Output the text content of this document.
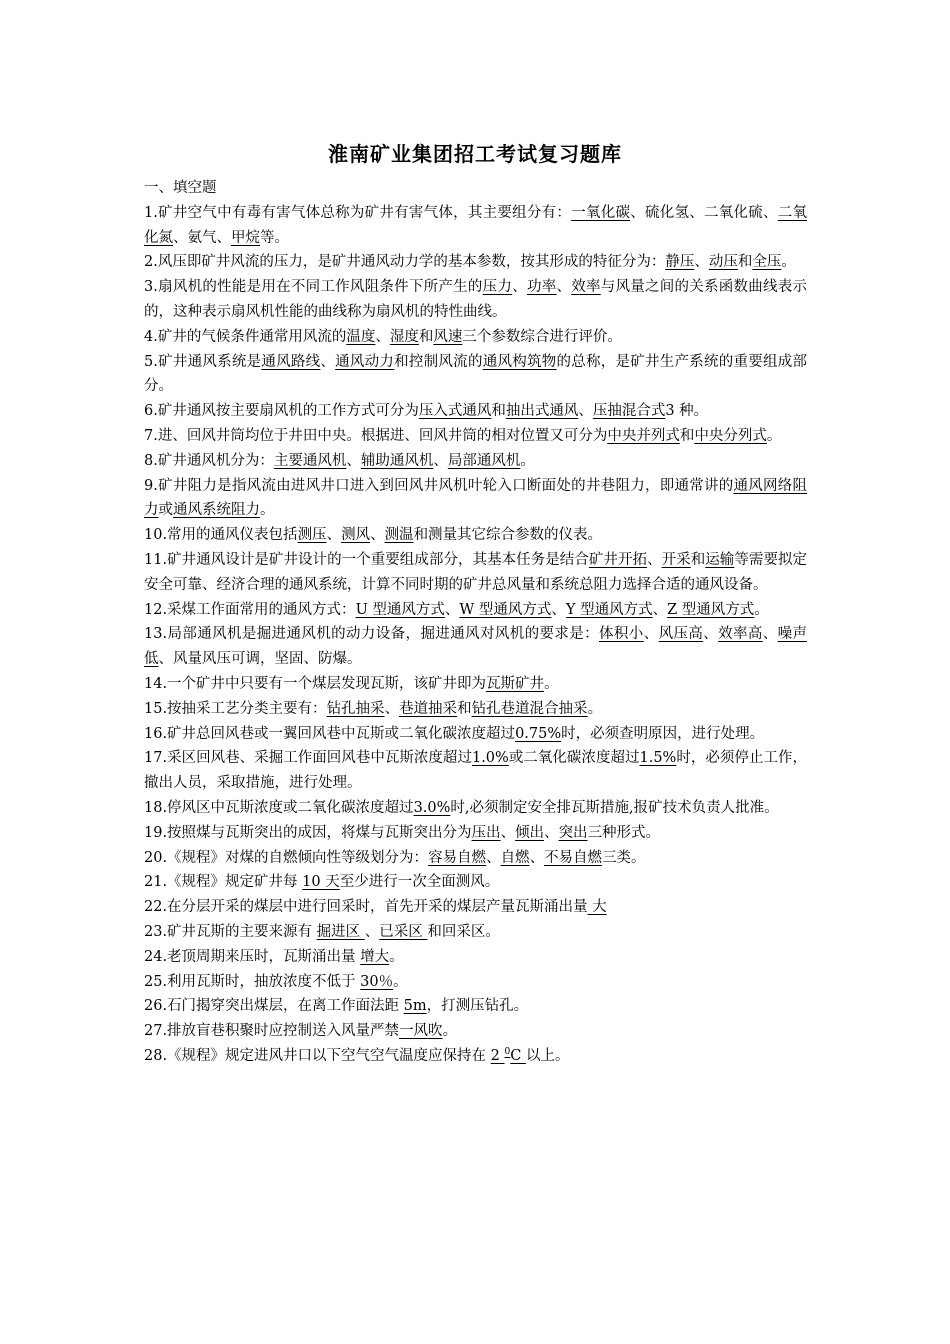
淮南矿业集团招工考试复习题库

一、填空题

1.矿井空气中有毒有害气体总称为矿井有害气体，其主要组分有：一氧化碳、硫化氢、二氧化硫、二氧化氮、氨气、甲烷等。

2.风压即矿井风流的压力，是矿井通风动力学的基本参数，按其形成的特征分为：静压、动压和全压。

3.扇风机的性能是用在不同工作风阻条件下所产生的压力、功率、效率与风量之间的关系函数曲线表示的，这种表示扇风机性能的曲线称为扇风机的特性曲线。

4.矿井的气候条件通常用风流的温度、湿度和风速三个参数综合进行评价。

5.矿井通风系统是通风路线、通风动力和控制风流的通风构筑物的总称，是矿井生产系统的重要组成部分。

6.矿井通风按主要扇风机的工作方式可分为压入式通风和抽出式通风、压抽混合式3 种。

7.进、回风井筒均位于井田中央。根据进、回风井筒的相对位置又可分为中央并列式和中央分列式。

8.矿井通风机分为：主要通风机、辅助通风机、局部通风机。

9.矿井阻力是指风流由进风井口进入到回风井风机叶轮入口断面处的井巷阻力，即通常讲的通风网络阻力或通风系统阻力。

10.常用的通风仪表包括测压、测风、测温和测量其它综合参数的仪表。

11.矿井通风设计是矿井设计的一个重要组成部分，其基本任务是结合矿井开拓、开采和运输等需要拟定安全可靠、经济合理的通风系统，计算不同时期的矿井总风量和系统总阻力选择合适的通风设备。

12.采煤工作面常用的通风方式：U 型通风方式、W 型通风方式、Y 型通风方式、Z 型通风方式。

13.局部通风机是掘进通风机的动力设备，掘进通风对风机的要求是：体积小、风压高、效率高、噪声低、风量风压可调，坚固、防爆。

14.一个矿井中只要有一个煤层发现瓦斯，该矿井即为瓦斯矿井。

15.按抽采工艺分类主要有：钻孔抽采、巷道抽采和钻孔巷道混合抽采。

16.矿井总回风巷或一翼回风巷中瓦斯或二氧化碳浓度超过0.75%时，必须查明原因，进行处理。

17.采区回风巷、采掘工作面回风巷中瓦斯浓度超过1.0%或二氧化碳浓度超过1.5%时，必须停止工作，撤出人员，采取措施，进行处理。

18.停风区中瓦斯浓度或二氧化碳浓度超过3.0%时,必须制定安全排瓦斯措施,报矿技术负责人批准。

19.按照煤与瓦斯突出的成因，将煤与瓦斯突出分为压出、倾出、突出三种形式。

20.《规程》对煤的自燃倾向性等级划分为：容易自燃、自燃、不易自燃三类。

21.《规程》规定矿井每 10 天至少进行一次全面测风。

22.在分层开采的煤层中进行回采时，首先开采的煤层产量瓦斯涌出量 大

23.矿井瓦斯的主要来源有 掘进区 、已采区 和回采区。

24.老顶周期来压时，瓦斯涌出量 增大。

25.利用瓦斯时，抽放浓度不低于 30％。

26.石门揭穿突出煤层，在离工作面法距 5m，打测压钻孔。

27.排放盲巷积聚时应控制送入风量严禁一风吹。

28.《规程》规定进风井口以下空气空气温度应保持在 2 $^0$C 以上。
